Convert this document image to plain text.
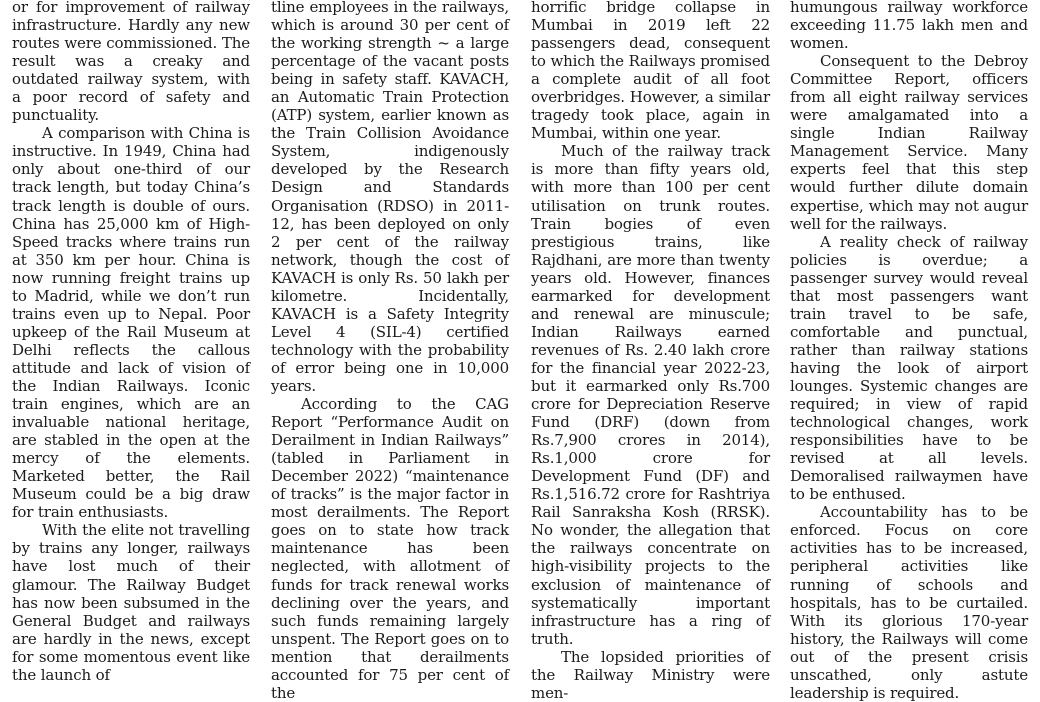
or for improvement of railway infrastructure. Hardly any new routes were commissioned. The result was a creaky and outdated railway system, with a poor record of safety and punctuality.

A comparison with China is instructive. In 1949, China had only about one-third of our track length, but today China’s track length is double of ours. China has 25,000 km of High-Speed tracks where trains run at 350 km per hour. China is now running freight trains up to Madrid, while we don’t run trains even up to Nepal. Poor upkeep of the Rail Museum at Delhi reflects the callous attitude and lack of vision of the Indian Railways. Iconic train engines, which are an invaluable national heritage, are stabled in the open at the mercy of the elements. Marketed better, the Rail Museum could be a big draw for train enthusiasts.

With the elite not travelling by trains any longer, railways have lost much of their glamour. The Railway Budget has now been subsumed in the General Budget and railways are hardly in the news, except for some momentous event like the launch of

tline employees in the railways, which is around 30 per cent of the working strength ~ a large percentage of the vacant posts being in safety staff. KAVACH, an Automatic Train Protection (ATP) system, earlier known as the Train Collision Avoidance System, indigenously developed by the Research Design and Standards Organisation (RDSO) in 2011-12, has been deployed on only 2 per cent of the railway network, though the cost of KAVACH is only Rs. 50 lakh per kilometre. Incidentally, KAVACH is a Safety Integrity Level 4 (SIL-4) certified technology with the probability of error being one in 10,000 years.

According to the CAG Report “Performance Audit on Derailment in Indian Railways” (tabled in Parliament in December 2022) “maintenance of tracks” is the major factor in most derailments. The Report goes on to state how track maintenance has been neglected, with allotment of funds for track renewal works declining over the years, and such funds remaining largely unspent. The Report goes on to mention that derailments accounted for 75 per cent of the

horrific bridge collapse in Mumbai in 2019 left 22 passengers dead, consequent to which the Railways promised a complete audit of all foot overbridges. However, a similar tragedy took place, again in Mumbai, within one year.

Much of the railway track is more than fifty years old, with more than 100 per cent utilisation on trunk routes. Train bogies of even prestigious trains, like Rajdhani, are more than twenty years old. However, finances earmarked for development and renewal are minuscule; Indian Railways earned revenues of Rs. 2.40 lakh crore for the financial year 2022-23, but it earmarked only Rs.700 crore for Depreciation Reserve Fund (DRF) (down from Rs.7,900 crores in 2014), Rs.1,000 crore for Development Fund (DF) and Rs.1,516.72 crore for Rashtriya Rail Sanraksha Kosh (RRSK). No wonder, the allegation that the railways concentrate on high-visibility projects to the exclusion of maintenance of systematically important infrastructure has a ring of truth.

The lopsided priorities of the Railway Ministry were men-

humungous railway workforce exceeding 11.75 lakh men and women.

Consequent to the Debroy Committee Report, officers from all eight railway services were amalgamated into a single Indian Railway Management Service. Many experts feel that this step would further dilute domain expertise, which may not augur well for the railways.

A reality check of railway policies is overdue; a passenger survey would reveal that most passengers want train travel to be safe, comfortable and punctual, rather than railway stations having the look of airport lounges. Systemic changes are required; in view of rapid technological changes, work responsibilities have to be revised at all levels. Demoralised railwaymen have to be enthused.

Accountability has to be enforced. Focus on core activities has to be increased, peripheral activities like running of schools and hospitals, has to be curtailed. With its glorious 170-year history, the Railways will come out of the present crisis unscathed, only astute leadership is required.
